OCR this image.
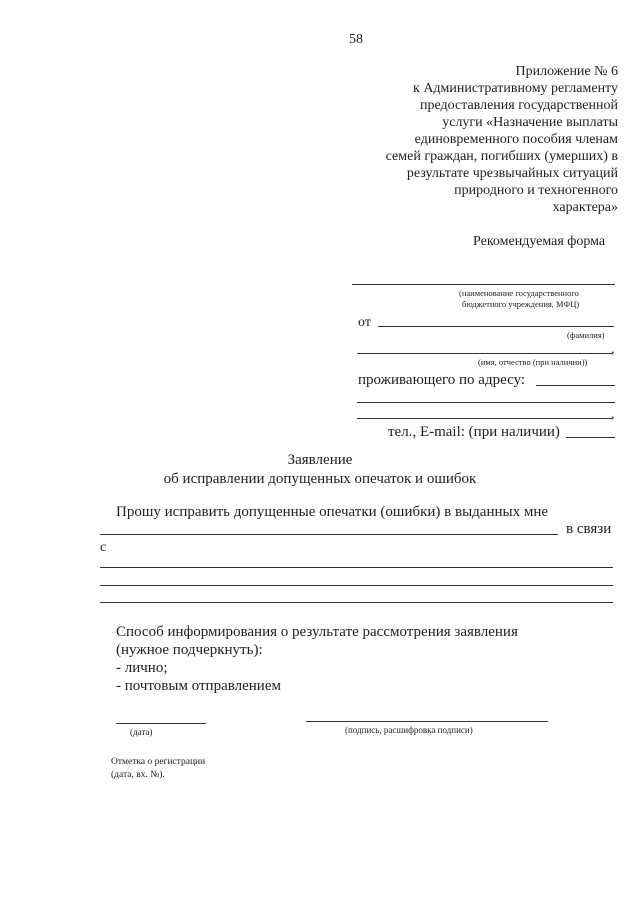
58
Приложение № 6
к Административному регламенту
предоставления государственной
услуги «Назначение выплаты
единовременного пособия членам
семей граждан, погибших (умерших) в
результате чрезвычайных ситуаций
природного и техногенного
характера»
Рекомендуемая форма
(наименование государственного
бюджетного учреждения, МФЦ)
от
(фамилия)
,
(имя, отчество (при наличии))
проживающего по адресу:
,
тел., E-mail: (при наличии)
Заявление
об исправлении допущенных опечаток и ошибок
Прошу исправить допущенные опечатки (ошибки) в выданных мне
в связи
с
Способ информирования о результате рассмотрения заявления
(нужное подчеркнуть):
- лично;
- почтовым отправлением
(дата)	(подпись, расшифровка подписи)
Отметка о регистрации
(дата, вх. №).
